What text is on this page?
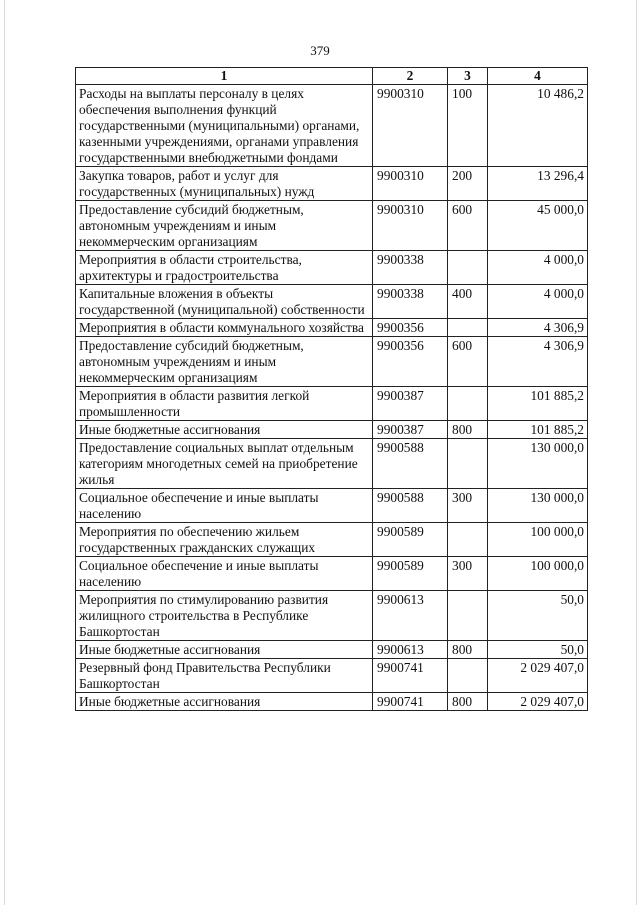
379
1	2	3	4
Расходы на выплаты персоналу в целях обеспечения выполнения функций государственными (муниципальными) органами, казенными учреждениями, органами управления государственными внебюджетными фондами	9900310	100	10 486,2
Закупка товаров, работ и услуг для государственных (муниципальных) нужд	9900310	200	13 296,4
Предоставление субсидий бюджетным, автономным учреждениям и иным некоммерческим организациям	9900310	600	45 000,0
Мероприятия в области строительства, архитектуры и градостроительства	9900338		4 000,0
Капитальные вложения в объекты государственной (муниципальной) собственности	9900338	400	4 000,0
Мероприятия в области коммунального хозяйства	9900356		4 306,9
Предоставление субсидий бюджетным, автономным учреждениям и иным некоммерческим организациям	9900356	600	4 306,9
Мероприятия в области развития легкой промышленности	9900387		101 885,2
Иные бюджетные ассигнования	9900387	800	101 885,2
Предоставление социальных выплат отдельным категориям многодетных семей на приобретение жилья	9900588		130 000,0
Социальное обеспечение и иные выплаты населению	9900588	300	130 000,0
Мероприятия по обеспечению жильем государственных гражданских служащих	9900589		100 000,0
Социальное обеспечение и иные выплаты населению	9900589	300	100 000,0
Мероприятия по стимулированию развития жилищного строительства в Республике Башкортостан	9900613		50,0
Иные бюджетные ассигнования	9900613	800	50,0
Резервный фонд Правительства Республики Башкортостан	9900741		2 029 407,0
Иные бюджетные ассигнования	9900741	800	2 029 407,0
